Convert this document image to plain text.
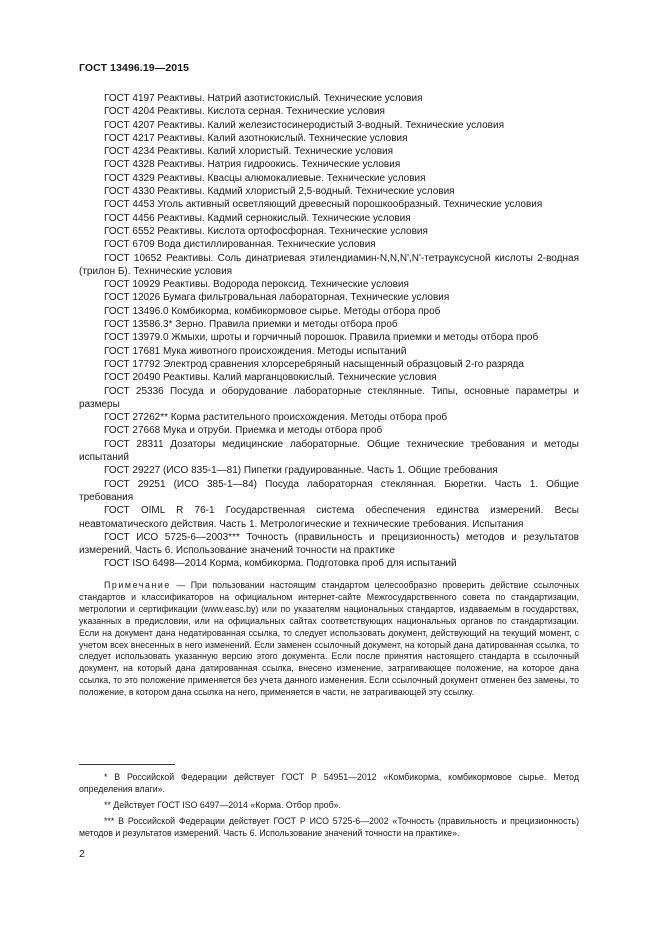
ГОСТ 13496.19—2015
ГОСТ 4197 Реактивы. Натрий азотистокислый. Технические условия
ГОСТ 4204 Реактивы. Кислота серная. Технические условия
ГОСТ 4207 Реактивы. Калий железистосинеродистый 3-водный. Технические условия
ГОСТ 4217 Реактивы. Калий азотнокислый. Технические условия
ГОСТ 4234 Реактивы. Калий хлористый. Технические условия
ГОСТ 4328 Реактивы. Натрия гидроокись. Технические условия
ГОСТ 4329 Реактивы. Квасцы алюмокалиевые. Технические условия
ГОСТ 4330 Реактивы. Кадмий хлористый 2,5-водный. Технические условия
ГОСТ 4453 Уголь активный осветляющий древесный порошкообразный. Технические условия
ГОСТ 4456 Реактивы. Кадмий сернокислый. Технические условия
ГОСТ 6552 Реактивы. Кислота ортофосфорная. Технические условия
ГОСТ 6709 Вода дистиллированная. Технические условия
ГОСТ 10652 Реактивы. Соль динатриевая этилендиамин-N,N,N',N'-тетрауксусной кислоты 2-водная (трилон Б). Технические условия
ГОСТ 10929 Реактивы. Водорода пероксид. Технические условия
ГОСТ 12026 Бумага фильтровальная лабораторная. Технические условия
ГОСТ 13496.0 Комбикорма, комбикормовое сырье. Методы отбора проб
ГОСТ 13586.3* Зерно. Правила приемки и методы отбора проб
ГОСТ 13979.0 Жмыхи, шроты и горчичный порошок. Правила приемки и методы отбора проб
ГОСТ 17681 Мука животного происхождения. Методы испытаний
ГОСТ 17792 Электрод сравнения хлорсеребряный насыщенный образцовый 2-го разряда
ГОСТ 20490 Реактивы. Калий марганцовокислый. Технические условия
ГОСТ 25336 Посуда и оборудование лабораторные стеклянные. Типы, основные параметры и размеры
ГОСТ 27262** Корма растительного происхождения. Методы отбора проб
ГОСТ 27668 Мука и отруби. Приемка и методы отбора проб
ГОСТ 28311 Дозаторы медицинские лабораторные. Общие технические требования и методы испытаний
ГОСТ 29227 (ИСО 835-1—81) Пипетки градуированные. Часть 1. Общие требования
ГОСТ 29251 (ИСО 385-1—84) Посуда лабораторная стеклянная. Бюретки. Часть 1. Общие требования
ГОСТ OIML R 76-1 Государственная система обеспечения единства измерений. Весы неавтоматического действия. Часть 1. Метрологические и технические требования. Испытания
ГОСТ ИСО 5725-6—2003*** Точность (правильность и прецизионность) методов и результатов измерений. Часть 6. Использование значений точности на практике
ГОСТ ISO 6498—2014 Корма, комбикорма. Подготовка проб для испытаний
Примечание — При пользовании настоящим стандартом целесообразно проверить действие ссылочных стандартов и классификаторов на официальном интернет-сайте Межгосударственного совета по стандартизации, метрологии и сертификации (www.easc.by) или по указателям национальных стандартов, издаваемым в государствах, указанных в предисловии, или на официальных сайтах соответствующих национальных органов по стандартизации. Если на документ дана недатированная ссылка, то следует использовать документ, действующий на текущий момент, с учетом всех внесенных в него изменений. Если заменен ссылочный документ, на который дана датированная ссылка, то следует использовать указанную версию этого документа. Если после принятия настоящего стандарта в ссылочный документ, на который дана датированная ссылка, внесено изменение, затрагивающее положение, на которое дана ссылка, то это положение применяется без учета данного изменения. Если ссылочный документ отменен без замены, то положение, в котором дана ссылка на него, применяется в части, не затрагивающей эту ссылку.
* В Российской Федерации действует ГОСТ Р 54951—2012 «Комбикорма, комбикормовое сырье. Метод определения влаги».
** Действует ГОСТ ISO 6497—2014 «Корма. Отбор проб».
*** В Российской Федерации действует ГОСТ Р ИСО 5725-6—2002 «Точность (правильность и прецизионность) методов и результатов измерений. Часть 6. Использование значений точности на практике».
2
